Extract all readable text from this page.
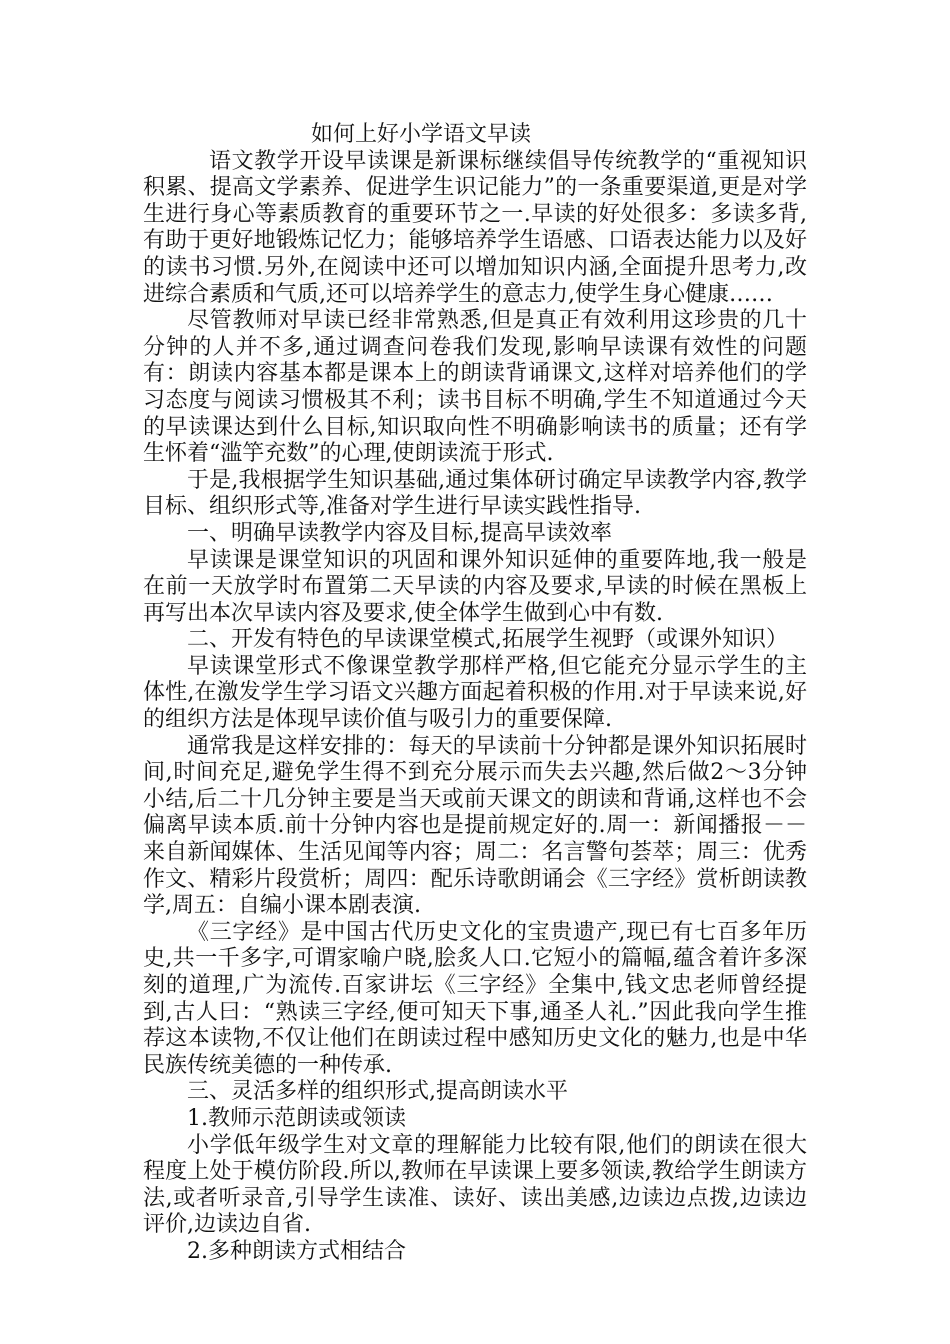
如何上好小学语文早读

语文教学开设早读课是新课标继续倡导传统教学的“重视知识积累、提高文学素养、促进学生识记能力”的一条重要渠道,更是对学生进行身心等素质教育的重要环节之一.早读的好处很多：多读多背,有助于更好地锻炼记忆力；能够培养学生语感、口语表达能力以及好的读书习惯.另外,在阅读中还可以增加知识内涵,全面提升思考力,改进综合素质和气质,还可以培养学生的意志力,使学生身心健康……

尽管教师对早读已经非常熟悉,但是真正有效利用这珍贵的几十分钟的人并不多,通过调查问卷我们发现,影响早读课有效性的问题有：朗读内容基本都是课本上的朗读背诵课文,这样对培养他们的学习态度与阅读习惯极其不利；读书目标不明确,学生不知道通过今天的早读课达到什么目标,知识取向性不明确影响读书的质量；还有学生怀着“滥竽充数”的心理,使朗读流于形式.

于是,我根据学生知识基础,通过集体研讨确定早读教学内容,教学目标、组织形式等,准备对学生进行早读实践性指导.

一、明确早读教学内容及目标,提高早读效率

早读课是课堂知识的巩固和课外知识延伸的重要阵地,我一般是在前一天放学时布置第二天早读的内容及要求,早读的时候在黑板上再写出本次早读内容及要求,使全体学生做到心中有数.

二、开发有特色的早读课堂模式,拓展学生视野（或课外知识）

早读课堂形式不像课堂教学那样严格,但它能充分显示学生的主体性,在激发学生学习语文兴趣方面起着积极的作用.对于早读来说,好的组织方法是体现早读价值与吸引力的重要保障.

通常我是这样安排的：每天的早读前十分钟都是课外知识拓展时间,时间充足,避免学生得不到充分展示而失去兴趣,然后做2～3分钟小结,后二十几分钟主要是当天或前天课文的朗读和背诵,这样也不会偏离早读本质.前十分钟内容也是提前规定好的.周一：新闻播报－－来自新闻媒体、生活见闻等内容；周二：名言警句荟萃；周三：优秀作文、精彩片段赏析；周四：配乐诗歌朗诵会《三字经》赏析朗读教学,周五：自编小课本剧表演.

《三字经》是中国古代历史文化的宝贵遗产,现已有七百多年历史,共一千多字,可谓家喻户晓,脍炙人口.它短小的篇幅,蕴含着许多深刻的道理,广为流传.百家讲坛《三字经》全集中,钱文忠老师曾经提到,古人曰：“熟读三字经,便可知天下事,通圣人礼.”因此我向学生推荐这本读物,不仅让他们在朗读过程中感知历史文化的魅力,也是中华民族传统美德的一种传承.

三、灵活多样的组织形式,提高朗读水平

1.教师示范朗读或领读

小学低年级学生对文章的理解能力比较有限,他们的朗读在很大程度上处于模仿阶段.所以,教师在早读课上要多领读,教给学生朗读方法,或者听录音,引导学生读准、读好、读出美感,边读边点拨,边读边评价,边读边自省.

2.多种朗读方式相结合
